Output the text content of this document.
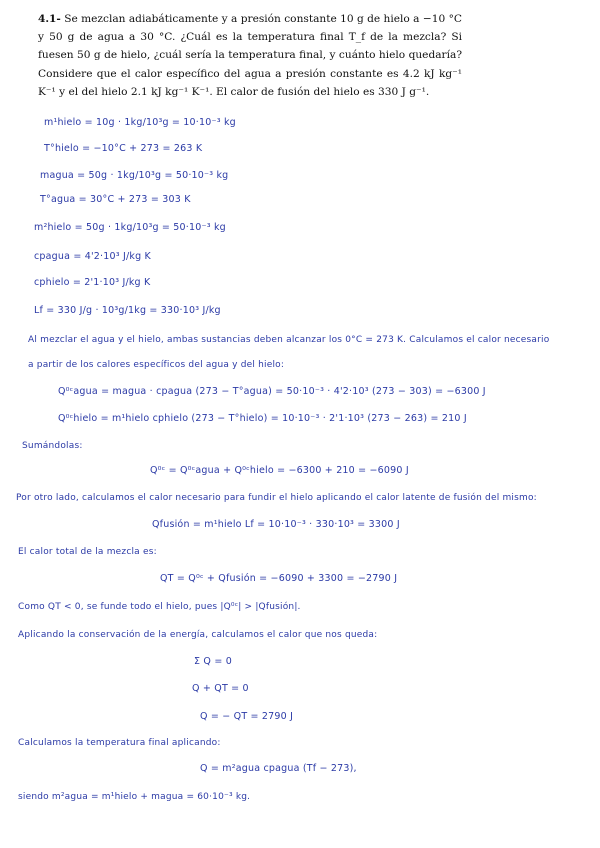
4.1- Se mezclan adiabáticamente y a presión constante 10 g de hielo a −10 °C y 50 g de agua a 30 °C. ¿Cuál es la temperatura final T_f de la mezcla? Si fuesen 50 g de hielo, ¿cuál sería la temperatura final, y cuánto hielo quedaría? Considere que el calor específico del agua a presión constante es 4.2 kJ kg⁻¹ K⁻¹ y el del hielo 2.1 kJ kg⁻¹ K⁻¹. El calor de fusión del hielo es 330 J g⁻¹.
m¹hielo = 10g · 1kg/10³g = 10·10⁻³ kg
T°hielo = −10°C + 273 = 263 K
magua = 50g · 1kg/10³g = 50·10⁻³ kg
T°agua = 30°C + 273 = 303 K
m²hielo = 50g · 1kg/10³g = 50·10⁻³ kg
cpagua = 4'2·10³ J/kg K
cphielo = 2'1·10³ J/kg K
Lf = 330 J/g · 10³g/1kg = 330·10³ J/kg
Al mezclar el agua y el hielo, ambas sustancias deben alcanzar los 0°C = 273 K. Calculamos el calor necesario
a partir de los calores específicos del agua y del hielo:
Q⁰ᶜagua = magua · cpagua (273 − T°agua) = 50·10⁻³ · 4'2·10³ (273 − 303) = −6300 J
Q⁰ᶜhielo = m¹hielo cphielo (273 − T°hielo) = 10·10⁻³ · 2'1·10³ (273 − 263) = 210 J
Sumándolas:
Q⁰ᶜ = Q⁰ᶜagua + Q⁰ᶜhielo = −6300 + 210 = −6090 J
Por otro lado, calculamos el calor necesario para fundir el hielo aplicando el calor latente de fusión del mismo:
Qfusión = m¹hielo Lf = 10·10⁻³ · 330·10³ = 3300 J
El calor total de la mezcla es:
QT = Q⁰ᶜ + Qfusión = −6090 + 3300 = −2790 J
Como QT < 0, se funde todo el hielo, pues |Q⁰ᶜ| > |Qfusión|.
Aplicando la conservación de la energía, calculamos el calor que nos queda:
Σ Q = 0
Q + QT = 0
Q = − QT = 2790 J
Calculamos la temperatura final aplicando:
Q = m²agua cpagua (Tf − 273),
siendo m²agua = m¹hielo + magua = 60·10⁻³ kg.
